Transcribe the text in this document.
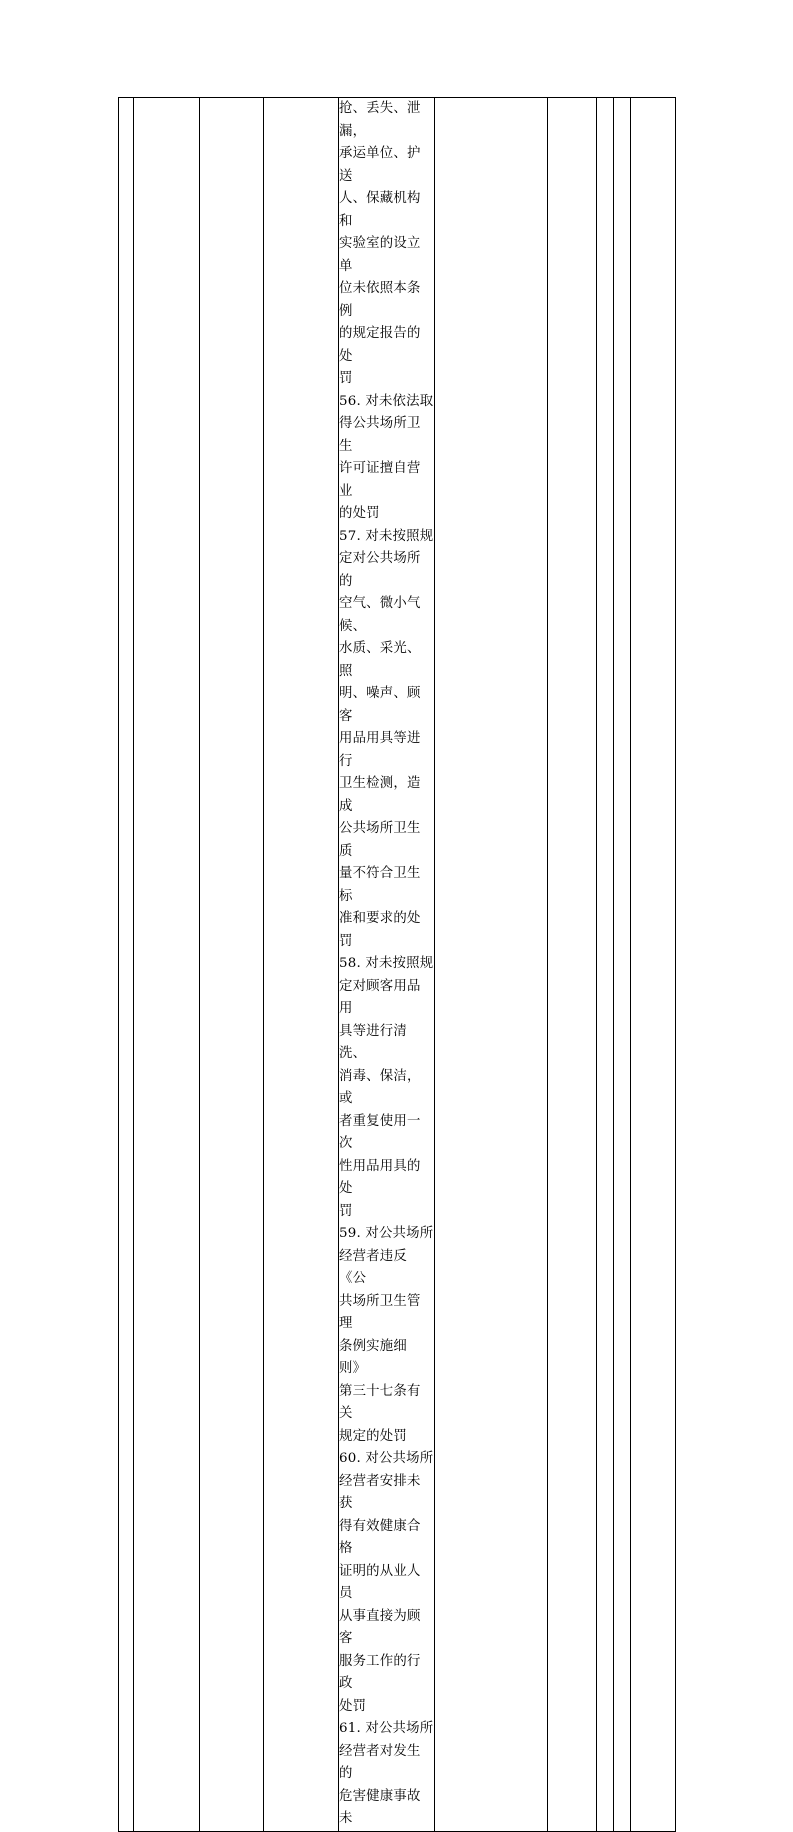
抢、丢失、泄漏，
承运单位、护送
人、保藏机构和
实验室的设立单
位未依照本条例
的规定报告的处
罚
56. 对未依法取
得公共场所卫生
许可证擅自营业
的处罚
57. 对未按照规
定对公共场所的
空气、微小气候、
水质、采光、照
明、噪声、顾客
用品用具等进行
卫生检测，造成
公共场所卫生质
量不符合卫生标
准和要求的处罚
58. 对未按照规
定对顾客用品用
具等进行清洗、
消毒、保洁，或
者重复使用一次
性用品用具的处
罚
59. 对公共场所
经营者违反《公
共场所卫生管理
条例实施细则》
第三十七条有关
规定的处罚
60. 对公共场所
经营者安排未获
得有效健康合格
证明的从业人员
从事直接为顾客
服务工作的行政
处罚
61. 对公共场所
经营者对发生的
危害健康事故未
